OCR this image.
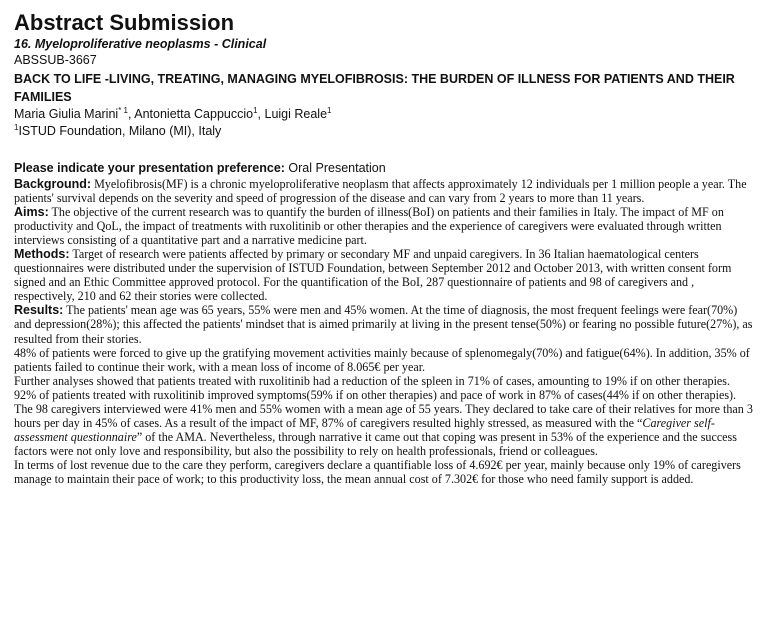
Abstract Submission
16. Myeloproliferative neoplasms - Clinical
ABSSUB-3667
BACK TO LIFE -LIVING, TREATING, MANAGING MYELOFIBROSIS: THE BURDEN OF ILLNESS FOR PATIENTS AND THEIR FAMILIES
Maria Giulia Marini$^{* 1}$, Antonietta Cappuccio$^1$, Luigi Reale$^1$
$^1$ISTUD Foundation, Milano (MI), Italy
Please indicate your presentation preference: Oral Presentation

Background: Myelofibrosis(MF) is a chronic myeloproliferative neoplasm that affects approximately 12 individuals per 1 million people a year. The patients' survival depends on the severity and speed of progression of the disease and can vary from 2 years to more than 11 years.

Aims: The objective of the current research was to quantify the burden of illness(BoI) on patients and their families in Italy. The impact of MF on productivity and QoL, the impact of treatments with ruxolitinib or other therapies and the experience of caregivers were evaluated through written interviews consisting of a quantitative part and a narrative medicine part.

Methods: Target of research were patients affected by primary or secondary MF and unpaid caregivers. In 36 Italian haematological centers questionnaires were distributed under the supervision of ISTUD Foundation, between September 2012 and October 2013, with written consent form signed and an Ethic Committee approved protocol. For the quantification of the BoI, 287 questionnaire of patients and 98 of caregivers and , respectively, 210 and 62 their stories were collected.

Results: The patients' mean age was 65 years, 55% were men and 45% women. At the time of diagnosis, the most frequent feelings were fear(70%) and depression(28%); this affected the patients' mindset that is aimed primarily at living in the present tense(50%) or fearing no possible future(27%), as resulted from their stories.

48% of patients were forced to give up the gratifying movement activities mainly because of splenomegaly(70%) and fatigue(64%). In addition, 35% of patients failed to continue their work, with a mean loss of income of 8.065€ per year.

Further analyses showed that patients treated with ruxolitinib had a reduction of the spleen in 71% of cases, amounting to 19% if on other therapies. 92% of patients treated with ruxolitinib improved symptoms(59% if on other therapies) and pace of work in 87% of cases(44% if on other therapies).

The 98 caregivers interviewed were 41% men and 55% women with a mean age of 55 years. They declared to take care of their relatives for more than 3 hours per day in 45% of cases. As a result of the impact of MF, 87% of caregivers resulted highly stressed, as measured with the “Caregiver self-assessment questionnaire” of the AMA. Nevertheless, through narrative it came out that coping was present in 53% of the experience and the success factors were not only love and responsibility, but also the possibility to rely on health professionals, friend or colleagues.

In terms of lost revenue due to the care they perform, caregivers declare a quantifiable loss of 4.692€ per year, mainly because only 19% of caregivers manage to maintain their pace of work; to this productivity loss, the mean annual cost of 7.302€ for those who need family support is added.
